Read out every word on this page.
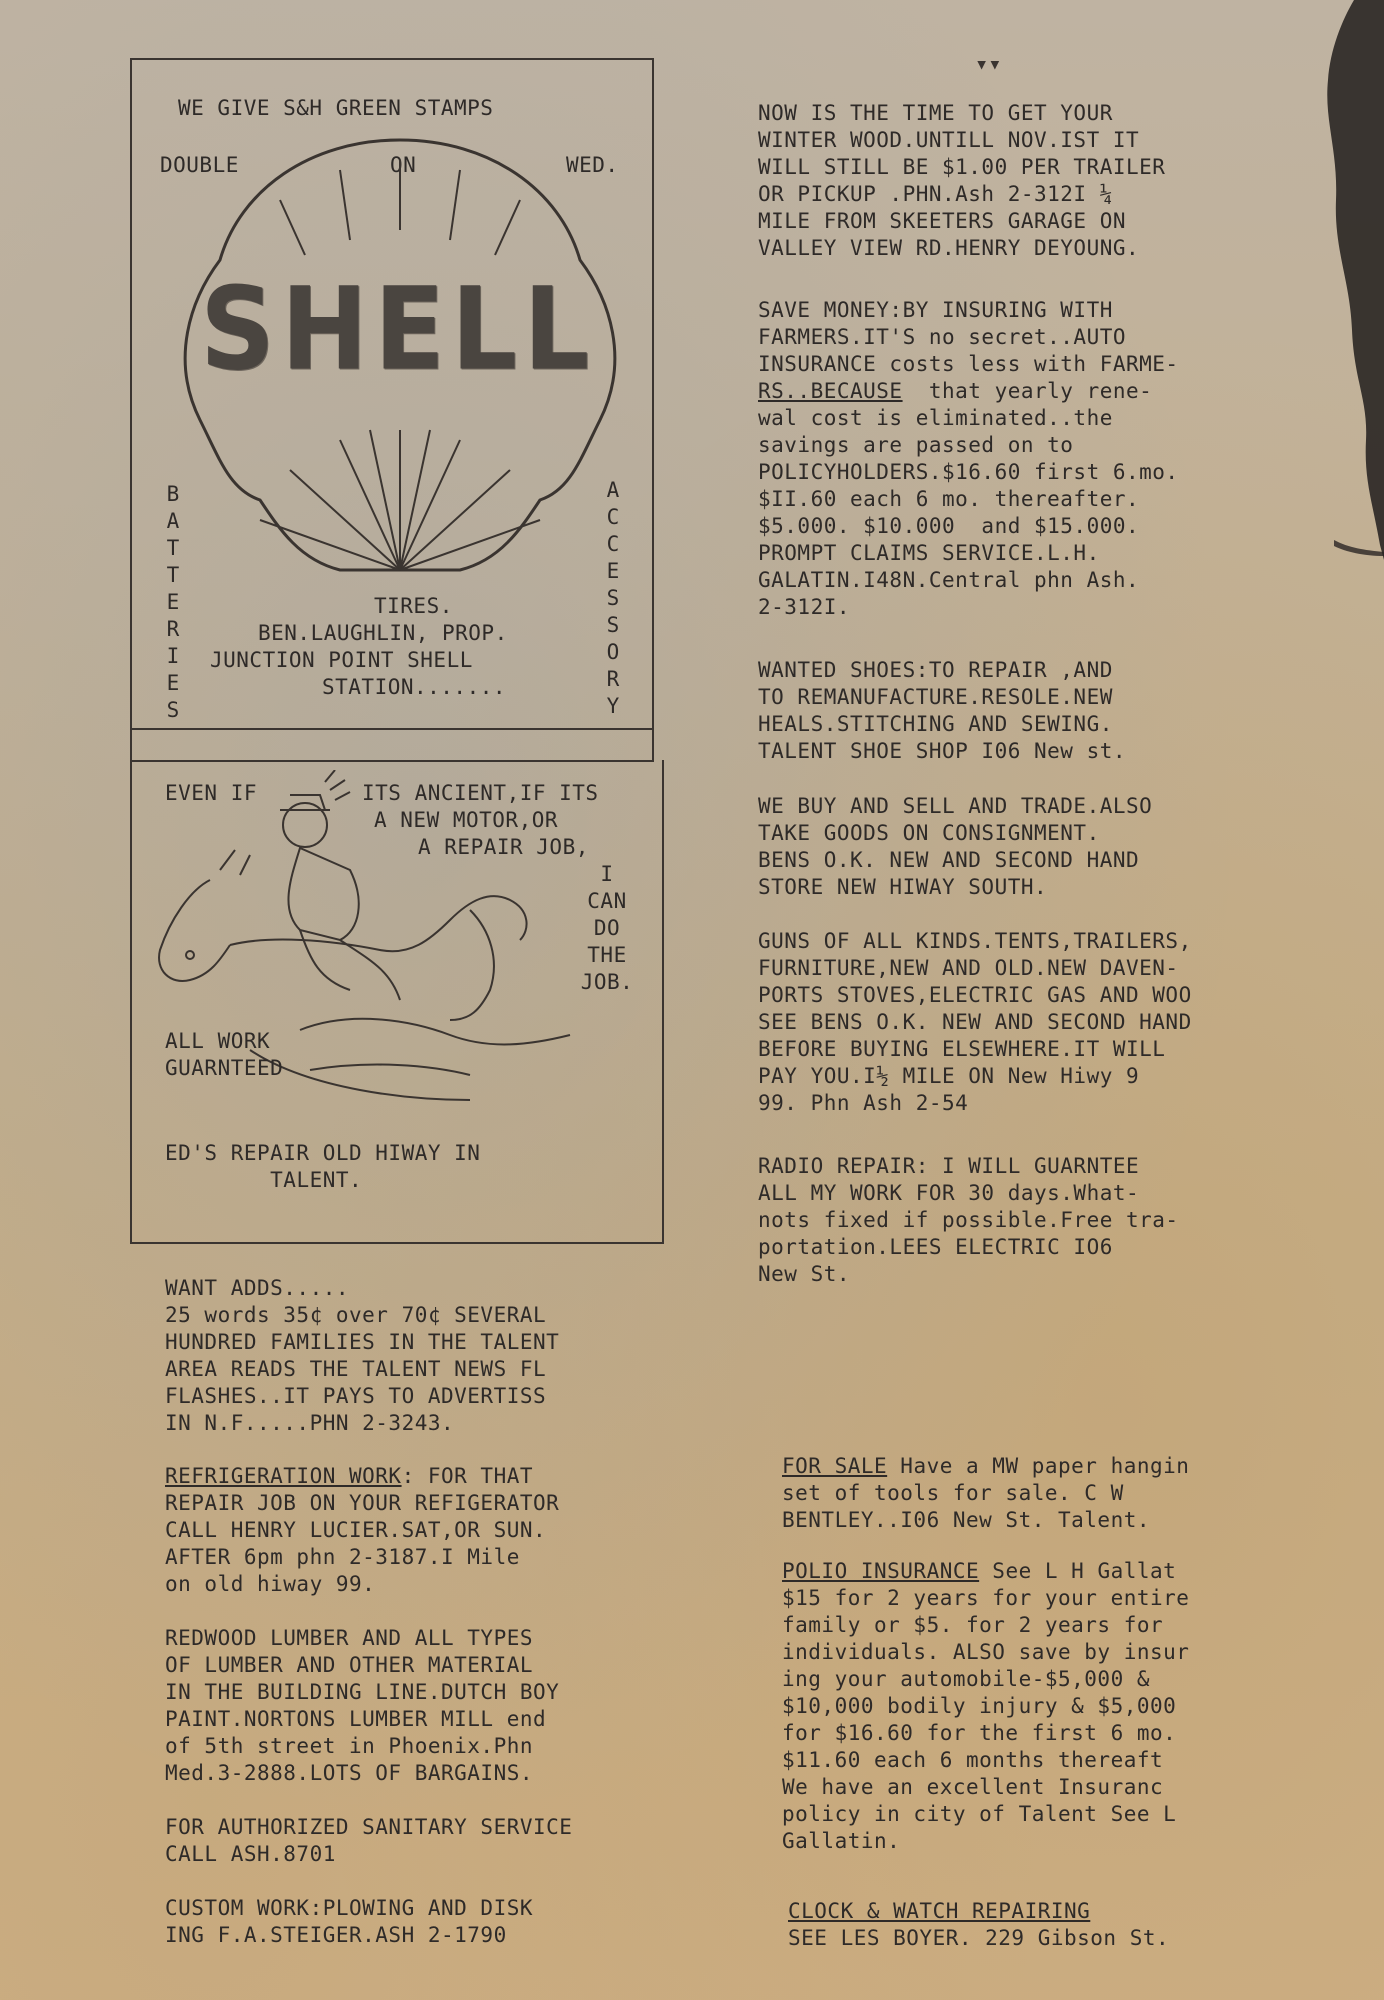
▾▾

WE GIVE S&H GREEN STAMPS

DOUBLE	ON	WED.

SHELL
BATTERIES	ACCESSORY

TIRES.

BEN.LAUGHLIN, PROP.

JUNCTION POINT SHELL

STATION.......

EVEN IF	ITS ANCIENT,IF ITS

A NEW MOTOR,OR

A REPAIR JOB,

I
CAN
DO
THE
JOB.

ALL WORK
GUARNTEED

ED'S REPAIR OLD HIWAY IN
TALENT.

WANT ADDS.....

25 words 35¢ over 70¢ SEVERAL
HUNDRED FAMILIES IN THE TALENT
AREA READS THE TALENT NEWS FL
FLASHES..IT PAYS TO ADVERTISS
IN N.F.....PHN 2-3243.

REFRIGERATION WORK: FOR THAT
REPAIR JOB ON YOUR REFIGERATOR
CALL HENRY LUCIER.SAT,OR SUN.
AFTER 6pm phn 2-3187.I Mile
on old hiway 99.

REDWOOD LUMBER AND ALL TYPES
OF LUMBER AND OTHER MATERIAL
IN THE BUILDING LINE.DUTCH BOY
PAINT.NORTONS LUMBER MILL end
of 5th street in Phoenix.Phn
Med.3-2888.LOTS OF BARGAINS.

FOR AUTHORIZED SANITARY SERVICE
CALL ASH.8701

CUSTOM WORK:PLOWING AND DISK
ING F.A.STEIGER.ASH 2-1790

NOW IS THE TIME TO GET YOUR
WINTER WOOD.UNTILL NOV.IST IT
WILL STILL BE $1.00 PER TRAILER
OR PICKUP .PHN.Ash 2-312I ¼
MILE FROM SKEETERS GARAGE ON
VALLEY VIEW RD.HENRY DEYOUNG.

SAVE MONEY:BY INSURING WITH
FARMERS.IT'S no secret..AUTO
INSURANCE costs less with FARME-
RS..BECAUSE  that yearly rene-
wal cost is eliminated..the
savings are passed on to
POLICYHOLDERS.$16.60 first 6.mo.
$II.60 each 6 mo. thereafter.
$5.000. $10.000  and $15.000.
PROMPT CLAIMS SERVICE.L.H.
GALATIN.I48N.Central phn Ash.
2-312I.

WANTED SHOES:TO REPAIR ,AND
TO REMANUFACTURE.RESOLE.NEW
HEALS.STITCHING AND SEWING.
TALENT SHOE SHOP I06 New st.

WE BUY AND SELL AND TRADE.ALSO
TAKE GOODS ON CONSIGNMENT.
BENS O.K. NEW AND SECOND HAND
STORE NEW HIWAY SOUTH.

GUNS OF ALL KINDS.TENTS,TRAILERS,
FURNITURE,NEW AND OLD.NEW DAVEN-
PORTS STOVES,ELECTRIC GAS AND WOO
SEE BENS O.K. NEW AND SECOND HAND
BEFORE BUYING ELSEWHERE.IT WILL
PAY YOU.I½ MILE ON New Hiwy 9
99. Phn Ash 2-54

RADIO REPAIR: I WILL GUARNTEE
ALL MY WORK FOR 30 days.What-
nots fixed if possible.Free tra-
portation.LEES ELECTRIC IO6
New St.

FOR SALE Have a MW paper hangin
set of tools for sale. C W
BENTLEY..I06 New St. Talent.

POLIO INSURANCE See L H Gallat
$15 for 2 years for your entire
family or $5. for 2 years for
individuals. ALSO save by insur
ing your automobile-$5,000 &
$10,000 bodily injury & $5,000
for $16.60 for the first 6 mo.
$11.60 each 6 months thereaft
We have an excellent Insuranc
policy in city of Talent See L
Gallatin.

CLOCK & WATCH REPAIRING

SEE LES BOYER. 229 Gibson St.
